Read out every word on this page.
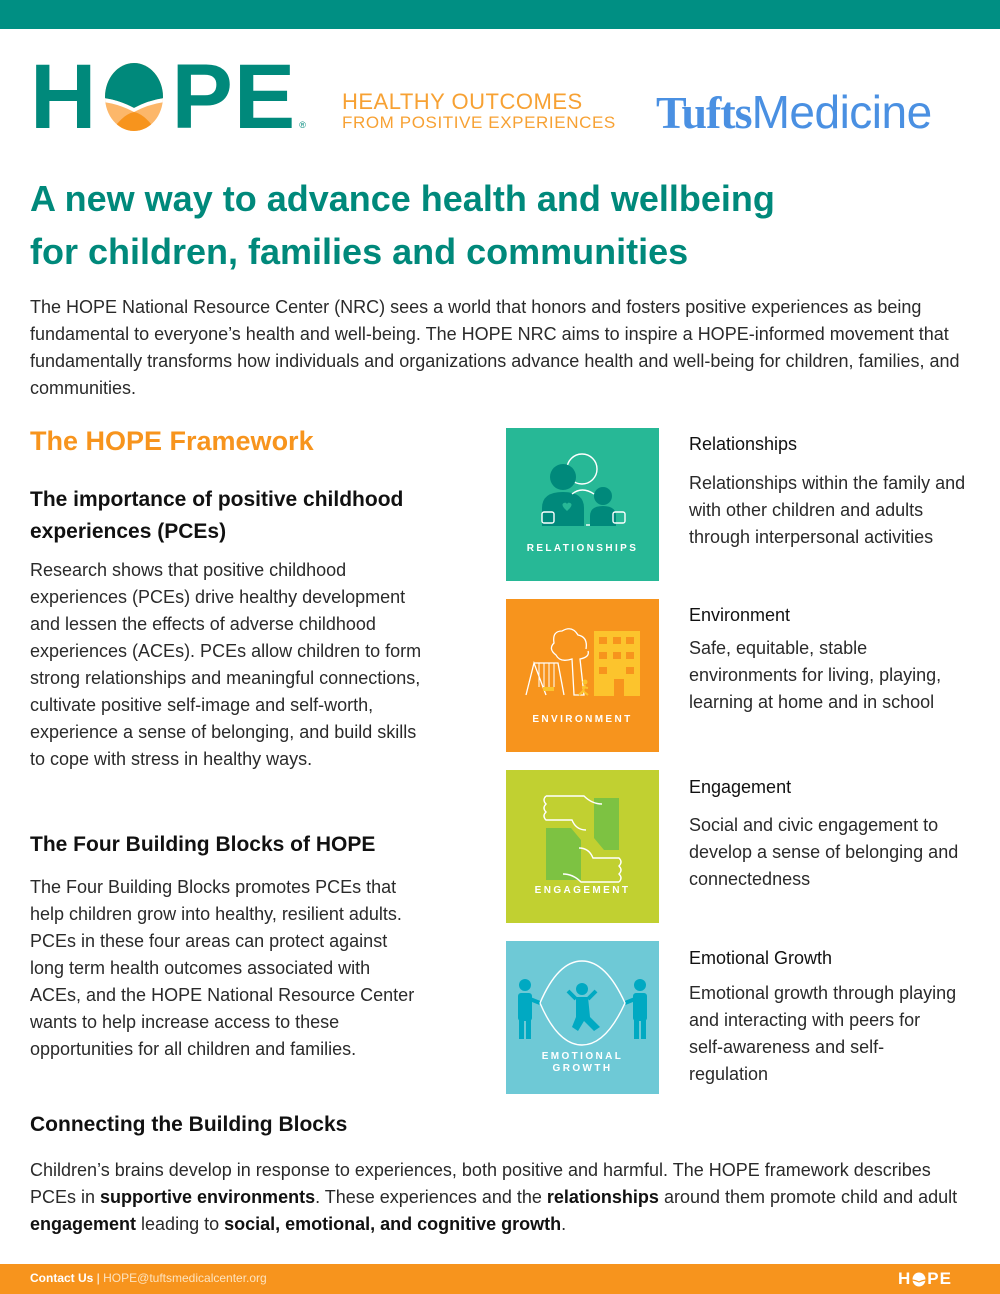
H PE ®
HEALTHY OUTCOMES
FROM POSITIVE EXPERIENCES TuftsMedicine
A new way to advance health and wellbeing
for children, families and communities

The HOPE National Resource Center (NRC) sees a world that honors and fosters positive experiences as being fundamental to everyone’s health and well-being. The HOPE NRC aims to inspire a HOPE-informed movement that fundamentally transforms how individuals and organizations advance health and well-being for children, families, and communities.

The HOPE Framework
The importance of positive childhood experiences (PCEs)

Research shows that positive childhood experiences (PCEs) drive healthy development and lessen the effects of adverse childhood experiences (ACEs). PCEs allow children to form strong relationships and meaningful connections, cultivate positive self-image and self-worth, experience a sense of belonging, and build skills to cope with stress in healthy ways.

The Four Building Blocks of HOPE

The Four Building Blocks promotes PCEs that help children grow into healthy, resilient adults. PCEs in these four areas can protect against long term health outcomes associated with ACEs, and the HOPE National Resource Center wants to help increase access to these opportunities for all children and families.

RELATIONSHIPS
ENVIRONMENT
ENGAGEMENT
EMOTIONAL
GROWTH
Relationships

Relationships within the family and with other children and adults through interpersonal activities

Environment

Safe, equitable, stable environments for living, playing, learning at home and in school

Engagement

Social and civic engagement to develop a sense of belonging and connectedness

Emotional Growth

Emotional growth through playing and interacting with peers for self-awareness and self-regulation

Connecting the Building Blocks

Children’s brains develop in response to experiences, both positive and harmful. The HOPE framework describes PCEs in supportive environments. These experiences and the relationships around them promote child and adult engagement leading to social, emotional, and cognitive growth.

Contact Us | HOPE@tuftsmedicalcenter.org	H PE
